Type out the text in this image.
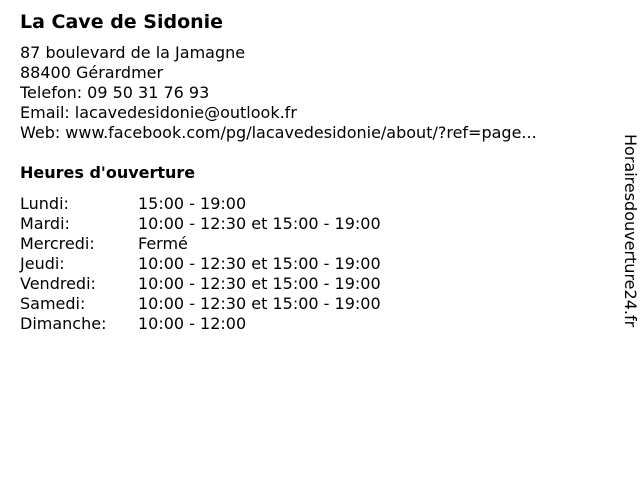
La Cave de Sidonie
87 boulevard de la Jamagne
88400 Gérardmer
Telefon: 09 50 31 76 93
Email: lacavedesidonie@outlook.fr
Web: www.facebook.com/pg/lacavedesidonie/about/?ref=page...
Heures d'ouverture
Lundi:	15:00 - 19:00
Mardi:	10:00 - 12:30 et 15:00 - 19:00
Mercredi:	Fermé
Jeudi:	10:00 - 12:30 et 15:00 - 19:00
Vendredi:	10:00 - 12:30 et 15:00 - 19:00
Samedi:	10:00 - 12:30 et 15:00 - 19:00
Dimanche:	10:00 - 12:00	Horairesdouverture24.fr
